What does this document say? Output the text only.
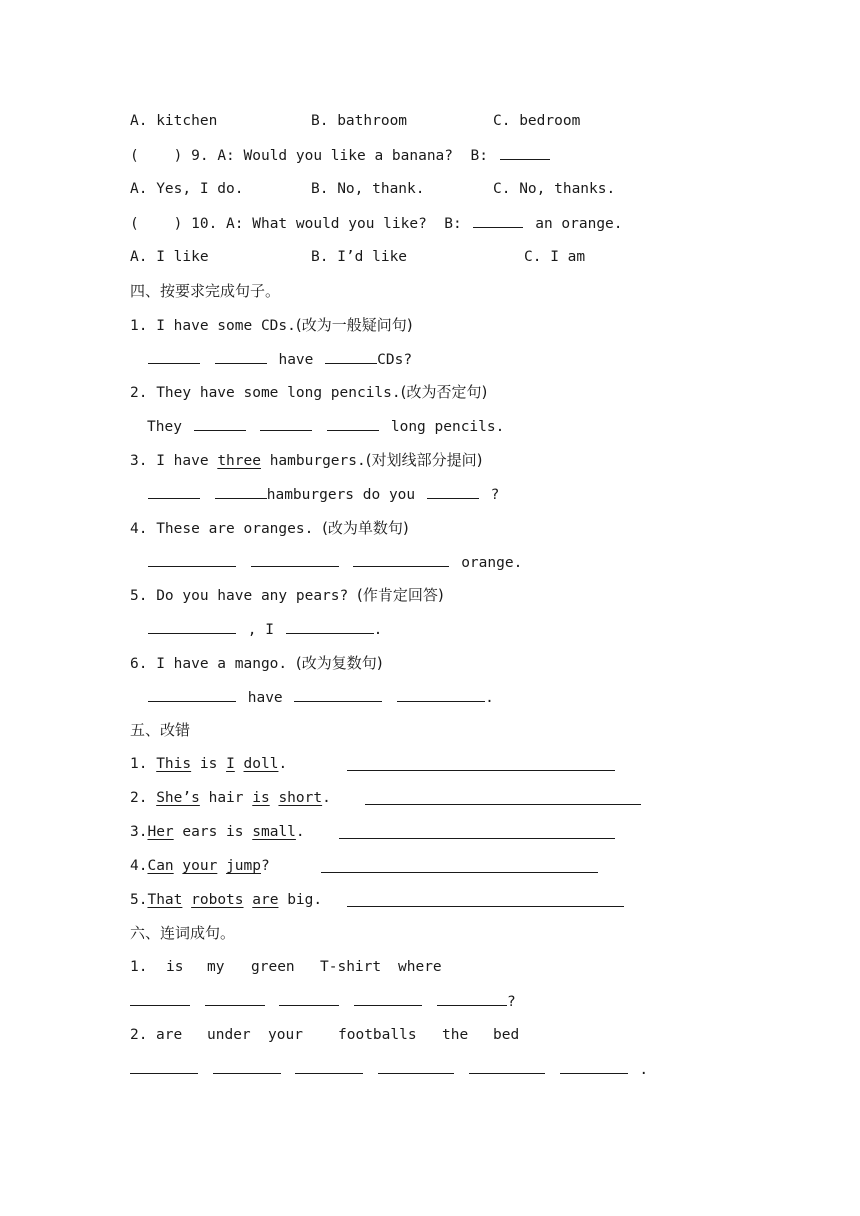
A. kitchen	B. bathroom	C. bedroom
(    ) 9. A: Would you like a banana?  B:
A. Yes, I do.	B. No, thank.	C. No, thanks.
(    ) 10. A: What would you like?  B:	an orange.
A. I like	B. I’d like	C. I am
四、按要求完成句子。
1. I have some CDs.(改为一般疑问句)
have	CDs?
2. They have some long pencils.(改为否定句)
They	long pencils.
3. I have three hamburgers.(对划线部分提问)
hamburgers do you	?
4. These are oranges. (改为单数句)
orange.
5. Do you have any pears? (作肯定回答)
, I	.
6. I have a mango. (改为复数句)
have	.
五、改错
1. This is I doll.
2. She’s hair is short.
3.Her ears is small.
4.Can your jump?
5.That robots are big.
六、连词成句。
1. is my green T-shirt where
?
2. are under your footballs the bed
.
